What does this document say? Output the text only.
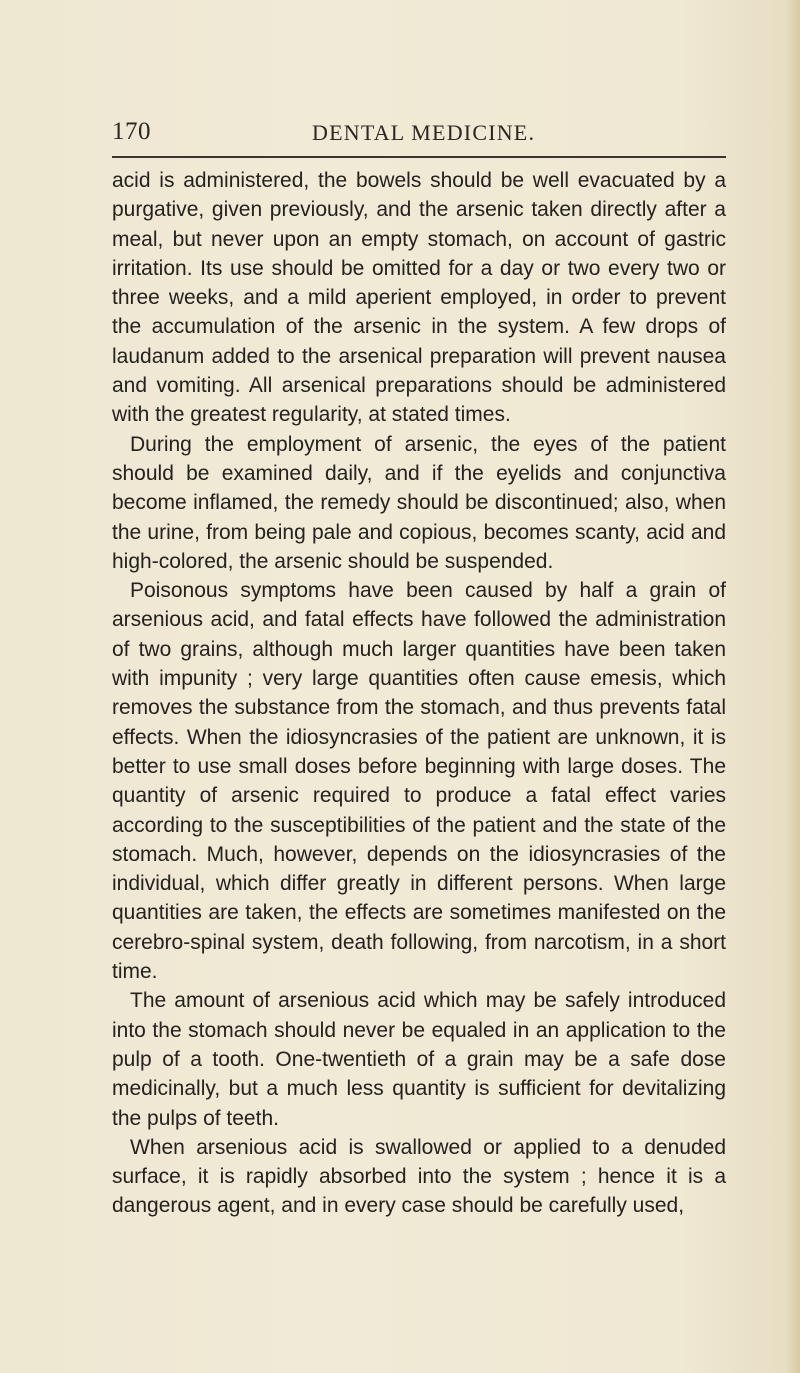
170	DENTAL MEDICINE.

acid is administered, the bowels should be well evacuated by a purgative, given previously, and the arsenic taken directly after a meal, but never upon an empty stomach, on account of gastric irritation. Its use should be omitted for a day or two every two or three weeks, and a mild aperient employed, in order to prevent the accumulation of the arsenic in the system. A few drops of laudanum added to the arsenical preparation will prevent nausea and vomiting. All arsenical preparations should be administered with the greatest regularity, at stated times.

During the employment of arsenic, the eyes of the patient should be examined daily, and if the eyelids and conjunctiva become inflamed, the remedy should be discontinued; also, when the urine, from being pale and copious, becomes scanty, acid and high-colored, the arsenic should be suspended.

Poisonous symptoms have been caused by half a grain of arsenious acid, and fatal effects have followed the administration of two grains, although much larger quantities have been taken with impunity ; very large quantities often cause emesis, which removes the substance from the stomach, and thus prevents fatal effects. When the idiosyncrasies of the patient are unknown, it is better to use small doses before beginning with large doses. The quantity of arsenic required to produce a fatal effect varies according to the susceptibilities of the patient and the state of the stomach. Much, however, depends on the idiosyncrasies of the individual, which differ greatly in different persons. When large quantities are taken, the effects are sometimes manifested on the cerebro-spinal system, death following, from narcotism, in a short time.

The amount of arsenious acid which may be safely introduced into the stomach should never be equaled in an application to the pulp of a tooth. One-twentieth of a grain may be a safe dose medicinally, but a much less quantity is sufficient for devitalizing the pulps of teeth.

When arsenious acid is swallowed or applied to a denuded surface, it is rapidly absorbed into the system ; hence it is a dangerous agent, and in every case should be carefully used,
